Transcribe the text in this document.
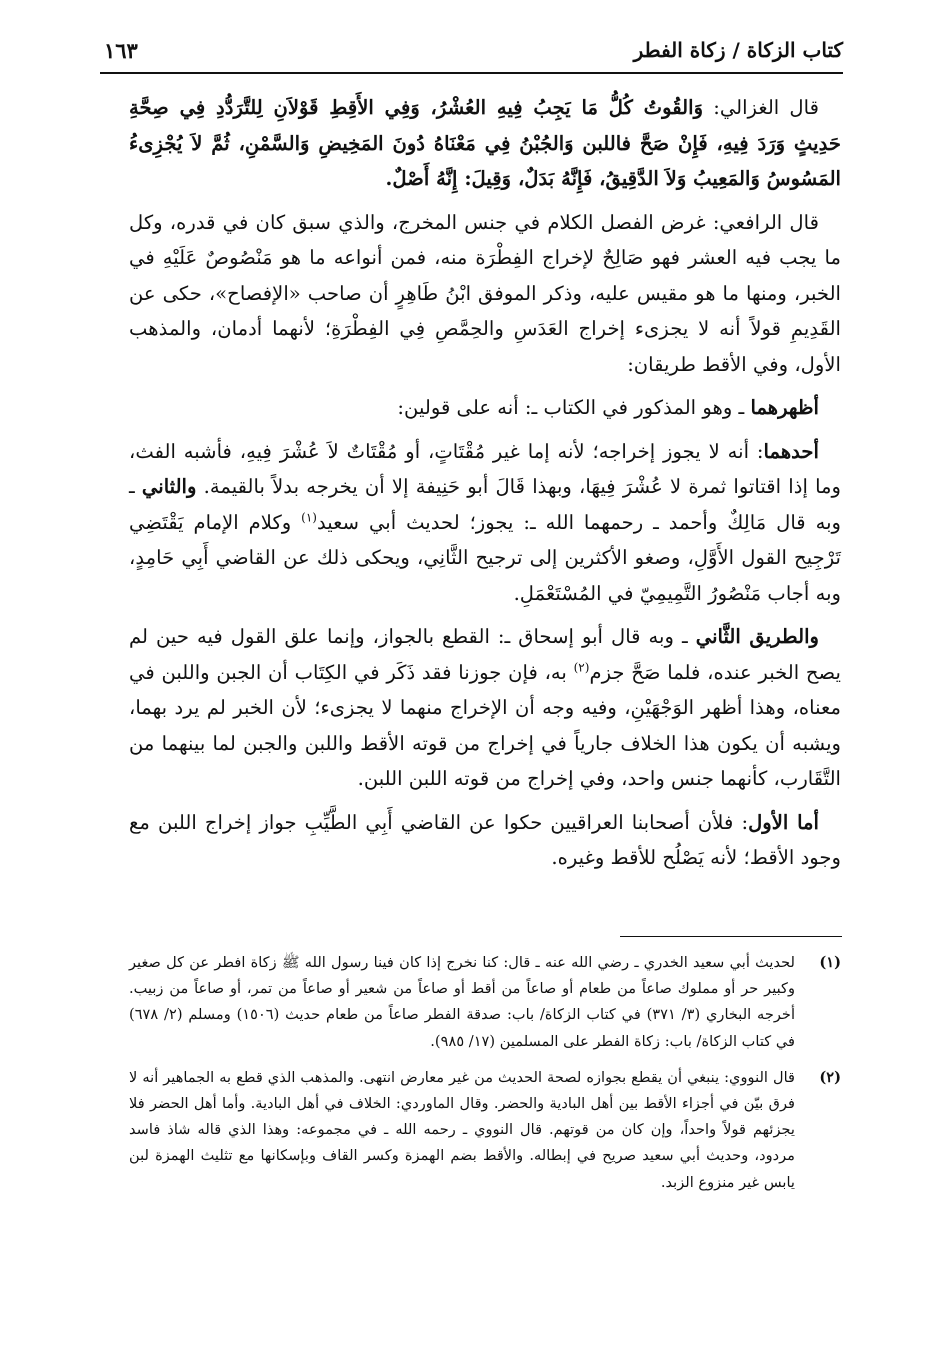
كتاب الزكاة / زكاة الفطر
١٦٣

قال الغزالي: وَالقُوتُ كُلُّ مَا يَجِبُ فِيهِ العُشْرُ، وَفِي الأَقِطِ قَوْلاَنِ لِلتَّرَدُّدِ فِي صِحَّةِ حَدِيثٍ وَرَدَ فِيهِ، فَإِنْ صَحَّ فاللبن وَالجُبْنُ فِي مَعْنَاهُ دُونَ المَخِيضِ وَالسَّمْنِ، ثُمَّ لاَ يُجْزِىءُ المَسُوسُ وَالمَعِيبُ وَلاَ الدَّقِيقُ، فَإِنَّهُ بَدَلٌ، وَقِيلَ: إِنَّهُ أَصْلٌ.

قال الرافعي: غرض الفصل الكلام في جنس المخرج، والذي سبق كان في قدره، وكل ما يجب فيه العشر فهو صَالِحٌ لإخراج الفِطْرَة منه، فمن أنواعه ما هو مَنْصُوصٌ عَلَيْهِ في الخبر، ومنها ما هو مقيس عليه، وذكر الموفق ابْنُ طَاهِرٍ أن صاحب «الإفصاح»، حكى عن القَدِيمِ قولاً أنه لا يجزىء إخراج العَدَسِ والحِمَّصِ فِي الفِطْرَةِ؛ لأنهما أدمان، والمذهب الأول، وفي الأقط طريقان:

أظهرهما ـ وهو المذكور في الكتاب ـ: أنه على قولين:

أحدهما: أنه لا يجوز إخراجه؛ لأنه إما غير مُقْتَاتٍ، أو مُقْتَاتٌ لاَ عُشْرَ فِيهِ، فأشبه الفث، وما إذا اقتاتوا ثمرة لا عُشْرَ فِيهَا، وبهذا قَالَ أبو حَنِيفة إلا أن يخرجه بدلاً بالقيمة. والثاني ـ وبه قال مَالِكٌ وأحمد ـ رحمهما الله ـ: يجوز؛ لحديث أبي سعيد$^{(١)}$ وكلام الإمام يَقْتَضِي تَرْجِيح القول الأَوَّلِ، وصغو الأكثرين إلى ترجيح الثَّانِي، ويحكى ذلك عن القاضي أَبِي حَامِدٍ، وبه أجاب مَنْصُورُ التَّمِيمِيّ في المُسْتَعْمَلِ.

والطريق الثَّاني ـ وبه قال أبو إسحاق ـ: القطع بالجواز، وإنما علق القول فيه حين لم يصح الخبر عنده، فلما صَحَّ جزم$^{(٢)}$ به، فإن جوزنا فقد ذَكَر في الكِتَاب أن الجبن واللبن في معناه، وهذا أظهر الوَجْهَيْنِ، وفيه وجه أن الإخراج منهما لا يجزىء؛ لأن الخبر لم يرد بهما، ويشبه أن يكون هذا الخلاف جارياً في إخراج من قوته الأقط واللبن والجبن لما بينهما من التَّقَارب، كأنهما جنس واحد، وفي إخراج من قوته اللبن اللبن.

أما الأول: فلأن أصحابنا العراقيين حكوا عن القاضي أَبِي الطَّيِّبِ جواز إخراج اللبن مع وجود الأقط؛ لأنه يَصْلُح للأقط وغيره.

(١)
لحديث أبي سعيد الخدري ـ رضي الله عنه ـ قال: كنا نخرج إذا كان فينا رسول الله ﷺ زكاة افطر عن كل صغير وكبير حر أو مملوك صاعاً من طعام أو صاعاً من أقط أو صاعاً من شعير أو صاعاً من تمر، أو صاعاً من زبيب. أخرجه البخاري (٣/ ٣٧١) في كتاب الزكاة/ باب: صدقة الفطر صاعاً من طعام حديث (١٥٠٦) ومسلم (٢/ ٦٧٨) في كتاب الزكاة/ باب: زكاة الفطر على المسلمين (١٧/ ٩٨٥).
(٢)
قال النووي: ينبغي أن يقطع بجوازه لصحة الحديث من غير معارض انتهى. والمذهب الذي قطع به الجماهير أنه لا فرق بيّن في أجزاء الأقط بين أهل البادية والحضر. وقال الماوردي: الخلاف في أهل البادية. وأما أهل الحضر فلا يجزئهم قولاً واحداً، وإن كان من قوتهم. قال النووي ـ رحمه الله ـ في مجموعه: وهذا الذي قاله شاذ فاسد مردود، وحديث أبي سعيد صريح في إبطاله. والأقط بضم الهمزة وكسر القاف وبإسكانها مع تثليث الهمزة لبن يابس غير منزوع الزبد.
